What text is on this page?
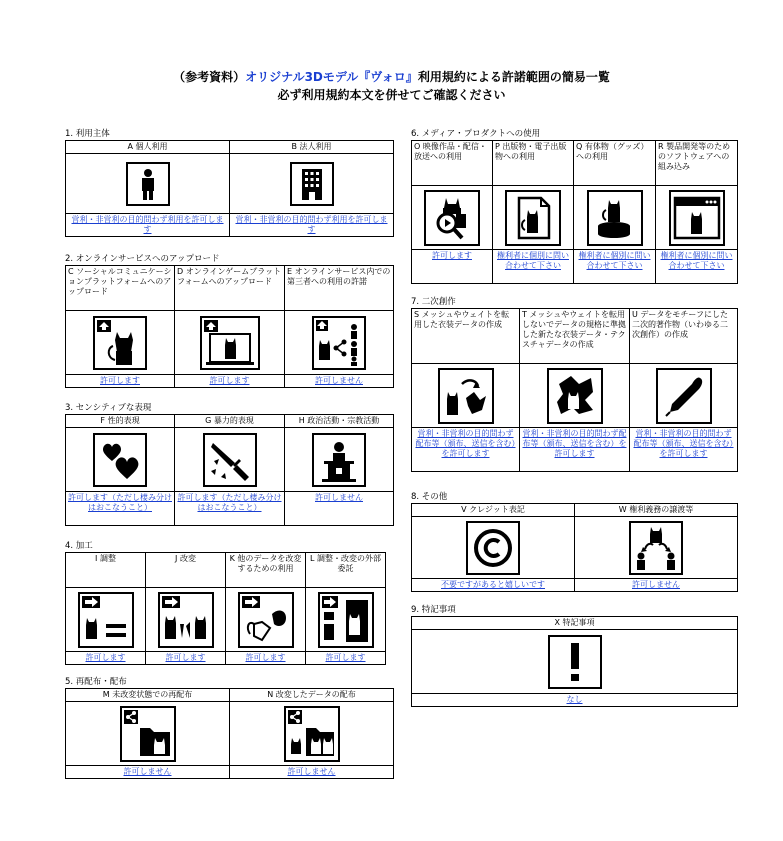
（参考資料）オリジナル3Dモデル『ヴォロ』利用規約による許諾範囲の簡易一覧
必ず利用規約本文を併せてご確認ください
1. 利用主体
A 個人利用	B 法人利用

営利・非営利の目的問わず利用を許可します	営利・非営利の目的問わず利用を許可します
2. オンラインサービスへのアップロード
C ソーシャルコミュニケーションプラットフォームへのアップロード	D オンラインゲームプラットフォームへのアップロード	E オンラインサービス内での第三者への利用の許諾

許可します	許可します	許可しません
3. センシティブな表現
F 性的表現	G 暴力的表現	H 政治活動・宗教活動

許可します（ただし棲み分けはおこなうこと）	許可します（ただし棲み分けはおこなうこと）	許可しません
4. 加工
I 調整	J 改変	K 他のデータを改変するための利用	L 調整・改変の外部委託

許可します	許可します	許可します	許可します
5. 再配布・配布
M 未改変状態での再配布	N 改変したデータの配布

許可しません	許可しません
6. メディア・プロダクトへの使用
O 映像作品・配信・放送への利用	P 出版物・電子出版物への利用	Q 有体物（グッズ）への利用	R 製品開発等のためのソフトウェアへの組み込み

許可します	権利者に個別に問い合わせて下さい	権利者に個別に問い合わせて下さい	権利者に個別に問い合わせて下さい
7. 二次創作
S メッシュやウェイトを転用した衣装データの作成	T メッシュやウェイトを転用しないでデータの規格に準拠した新たな衣装データ・テクスチャデータの作成	U データをモチーフにした二次的著作物（いわゆる二次創作）の作成

営利・非営利の目的問わず配布等（頒布、送信を含む）を許可します	営利・非営利の目的問わず配布等（頒布、送信を含む）を許可します	営利・非営利の目的問わず配布等（頒布、送信を含む）を許可します
8. その他
V クレジット表記	W 権利義務の譲渡等

不要ですがあると嬉しいです	許可しません
9. 特記事項
X 特記事項

なし
